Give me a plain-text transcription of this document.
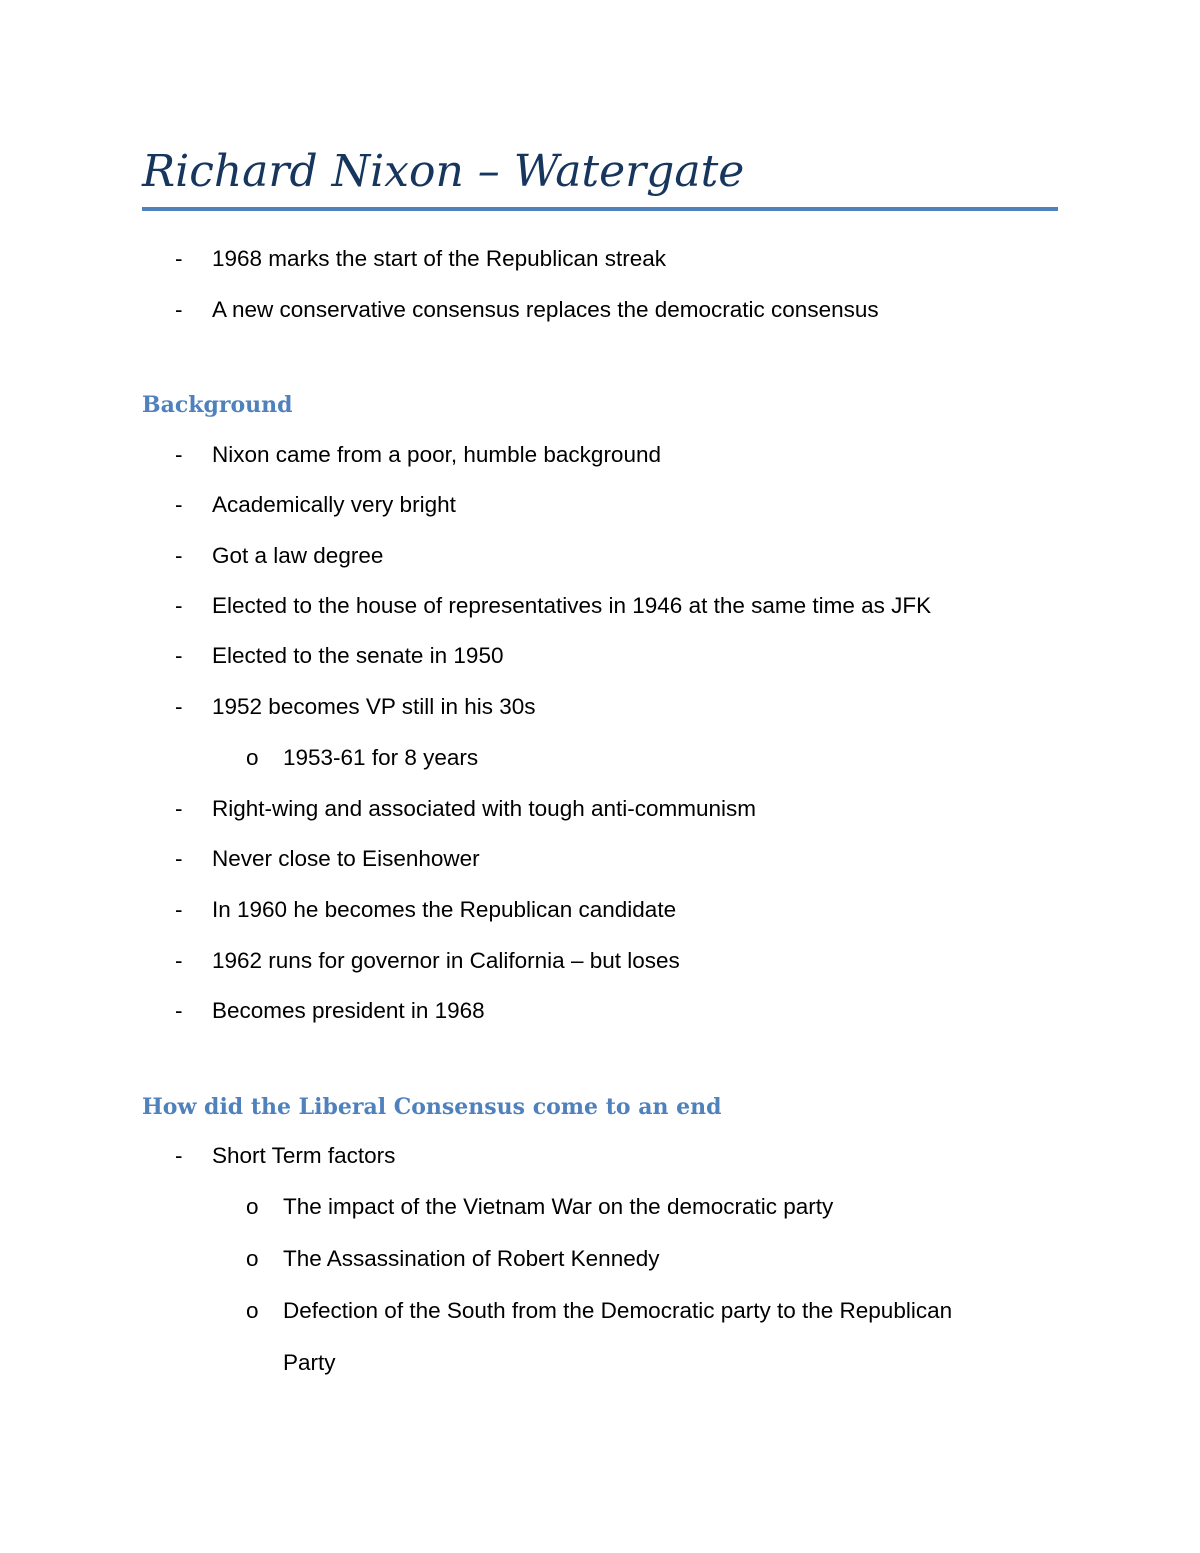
Richard Nixon – Watergate
- 1968 marks the start of the Republican streak
- A new conservative consensus replaces the democratic consensus
Background
- Nixon came from a poor, humble background
- Academically very bright
- Got a law degree
- Elected to the house of representatives in 1946 at the same time as JFK
- Elected to the senate in 1950
- 1952 becomes VP still in his 30s
o 1953-61 for 8 years
- Right-wing and associated with tough anti-communism
- Never close to Eisenhower
- In 1960 he becomes the Republican candidate
- 1962 runs for governor in California – but loses
- Becomes president in 1968
How did the Liberal Consensus come to an end
- Short Term factors
o The impact of the Vietnam War on the democratic party
o The Assassination of Robert Kennedy
o Defection of the South from the Democratic party to the Republican
Party
